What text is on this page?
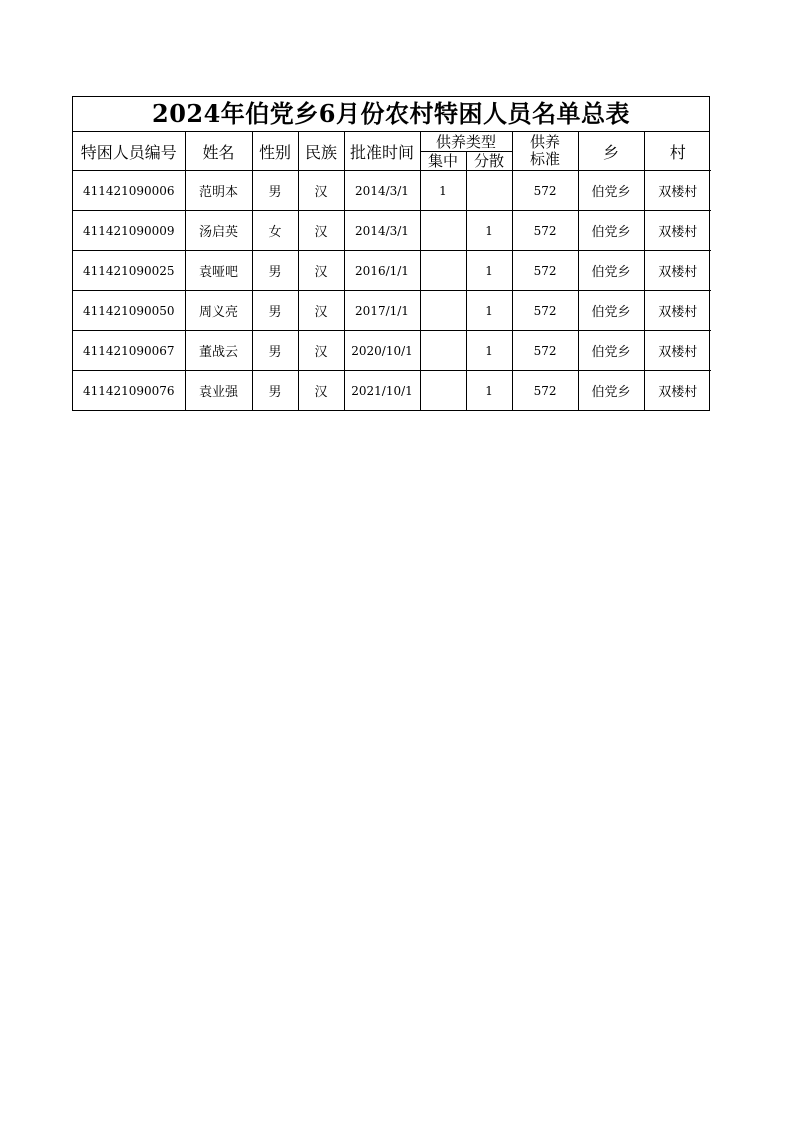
2024年伯党乡6月份农村特困人员名单总表
特困人员编号	姓名	性别	民族	批准时间	供养类型		供养标准	乡	村
					集中	分散			
411421090006	范明本	男	汉	2014/3/1	1		572	伯党乡	双楼村
411421090009	汤启英	女	汉	2014/3/1		1	572	伯党乡	双楼村
411421090025	袁哑吧	男	汉	2016/1/1		1	572	伯党乡	双楼村
411421090050	周义亮	男	汉	2017/1/1		1	572	伯党乡	双楼村
411421090067	董战云	男	汉	2020/10/1		1	572	伯党乡	双楼村
411421090076	袁业强	男	汉	2021/10/1		1	572	伯党乡	双楼村
